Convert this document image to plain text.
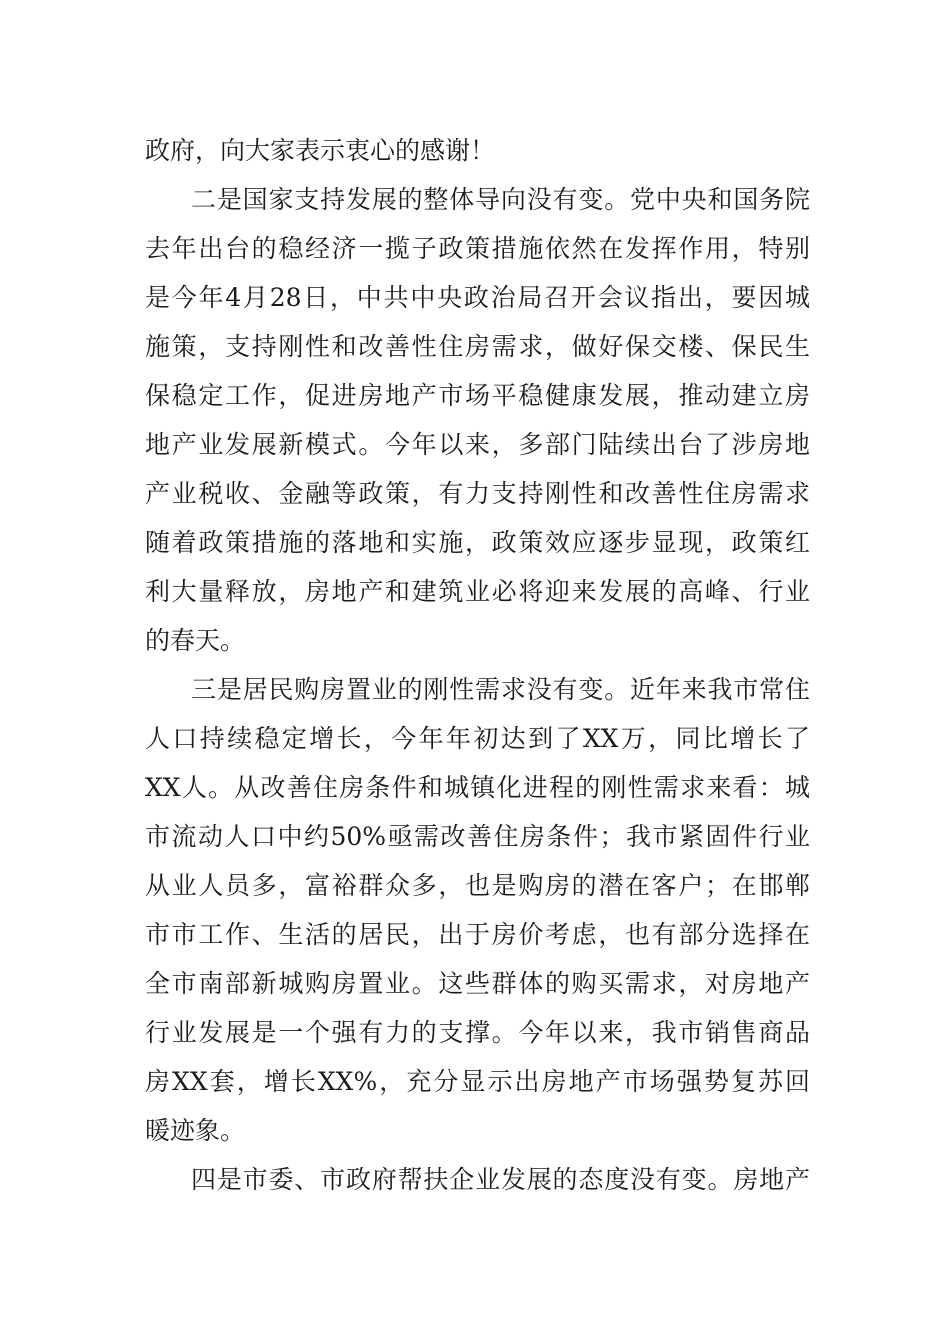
政府，向大家表示衷心的感谢！
二是国家支持发展的整体导向没有变。党中央和国务院
去年出台的稳经济一揽子政策措施依然在发挥作用，特别
是今年4月28日，中共中央政治局召开会议指出，要因城
施策，支持刚性和改善性住房需求，做好保交楼、保民生
保稳定工作，促进房地产市场平稳健康发展，推动建立房
地产业发展新模式。今年以来，多部门陆续出台了涉房地
产业税收、金融等政策，有力支持刚性和改善性住房需求
随着政策措施的落地和实施，政策效应逐步显现，政策红
利大量释放，房地产和建筑业必将迎来发展的高峰、行业
的春天。
三是居民购房置业的刚性需求没有变。近年来我市常住
人口持续稳定增长，今年年初达到了XX万，同比增长了
XX人。从改善住房条件和城镇化进程的刚性需求来看：城
市流动人口中约50%亟需改善住房条件；我市紧固件行业
从业人员多，富裕群众多，也是购房的潜在客户；在邯郸
市市工作、生活的居民，出于房价考虑，也有部分选择在
全市南部新城购房置业。这些群体的购买需求，对房地产
行业发展是一个强有力的支撑。今年以来，我市销售商品
房XX套，增长XX%，充分显示出房地产市场强势复苏回
暖迹象。
四是市委、市政府帮扶企业发展的态度没有变。房地产
